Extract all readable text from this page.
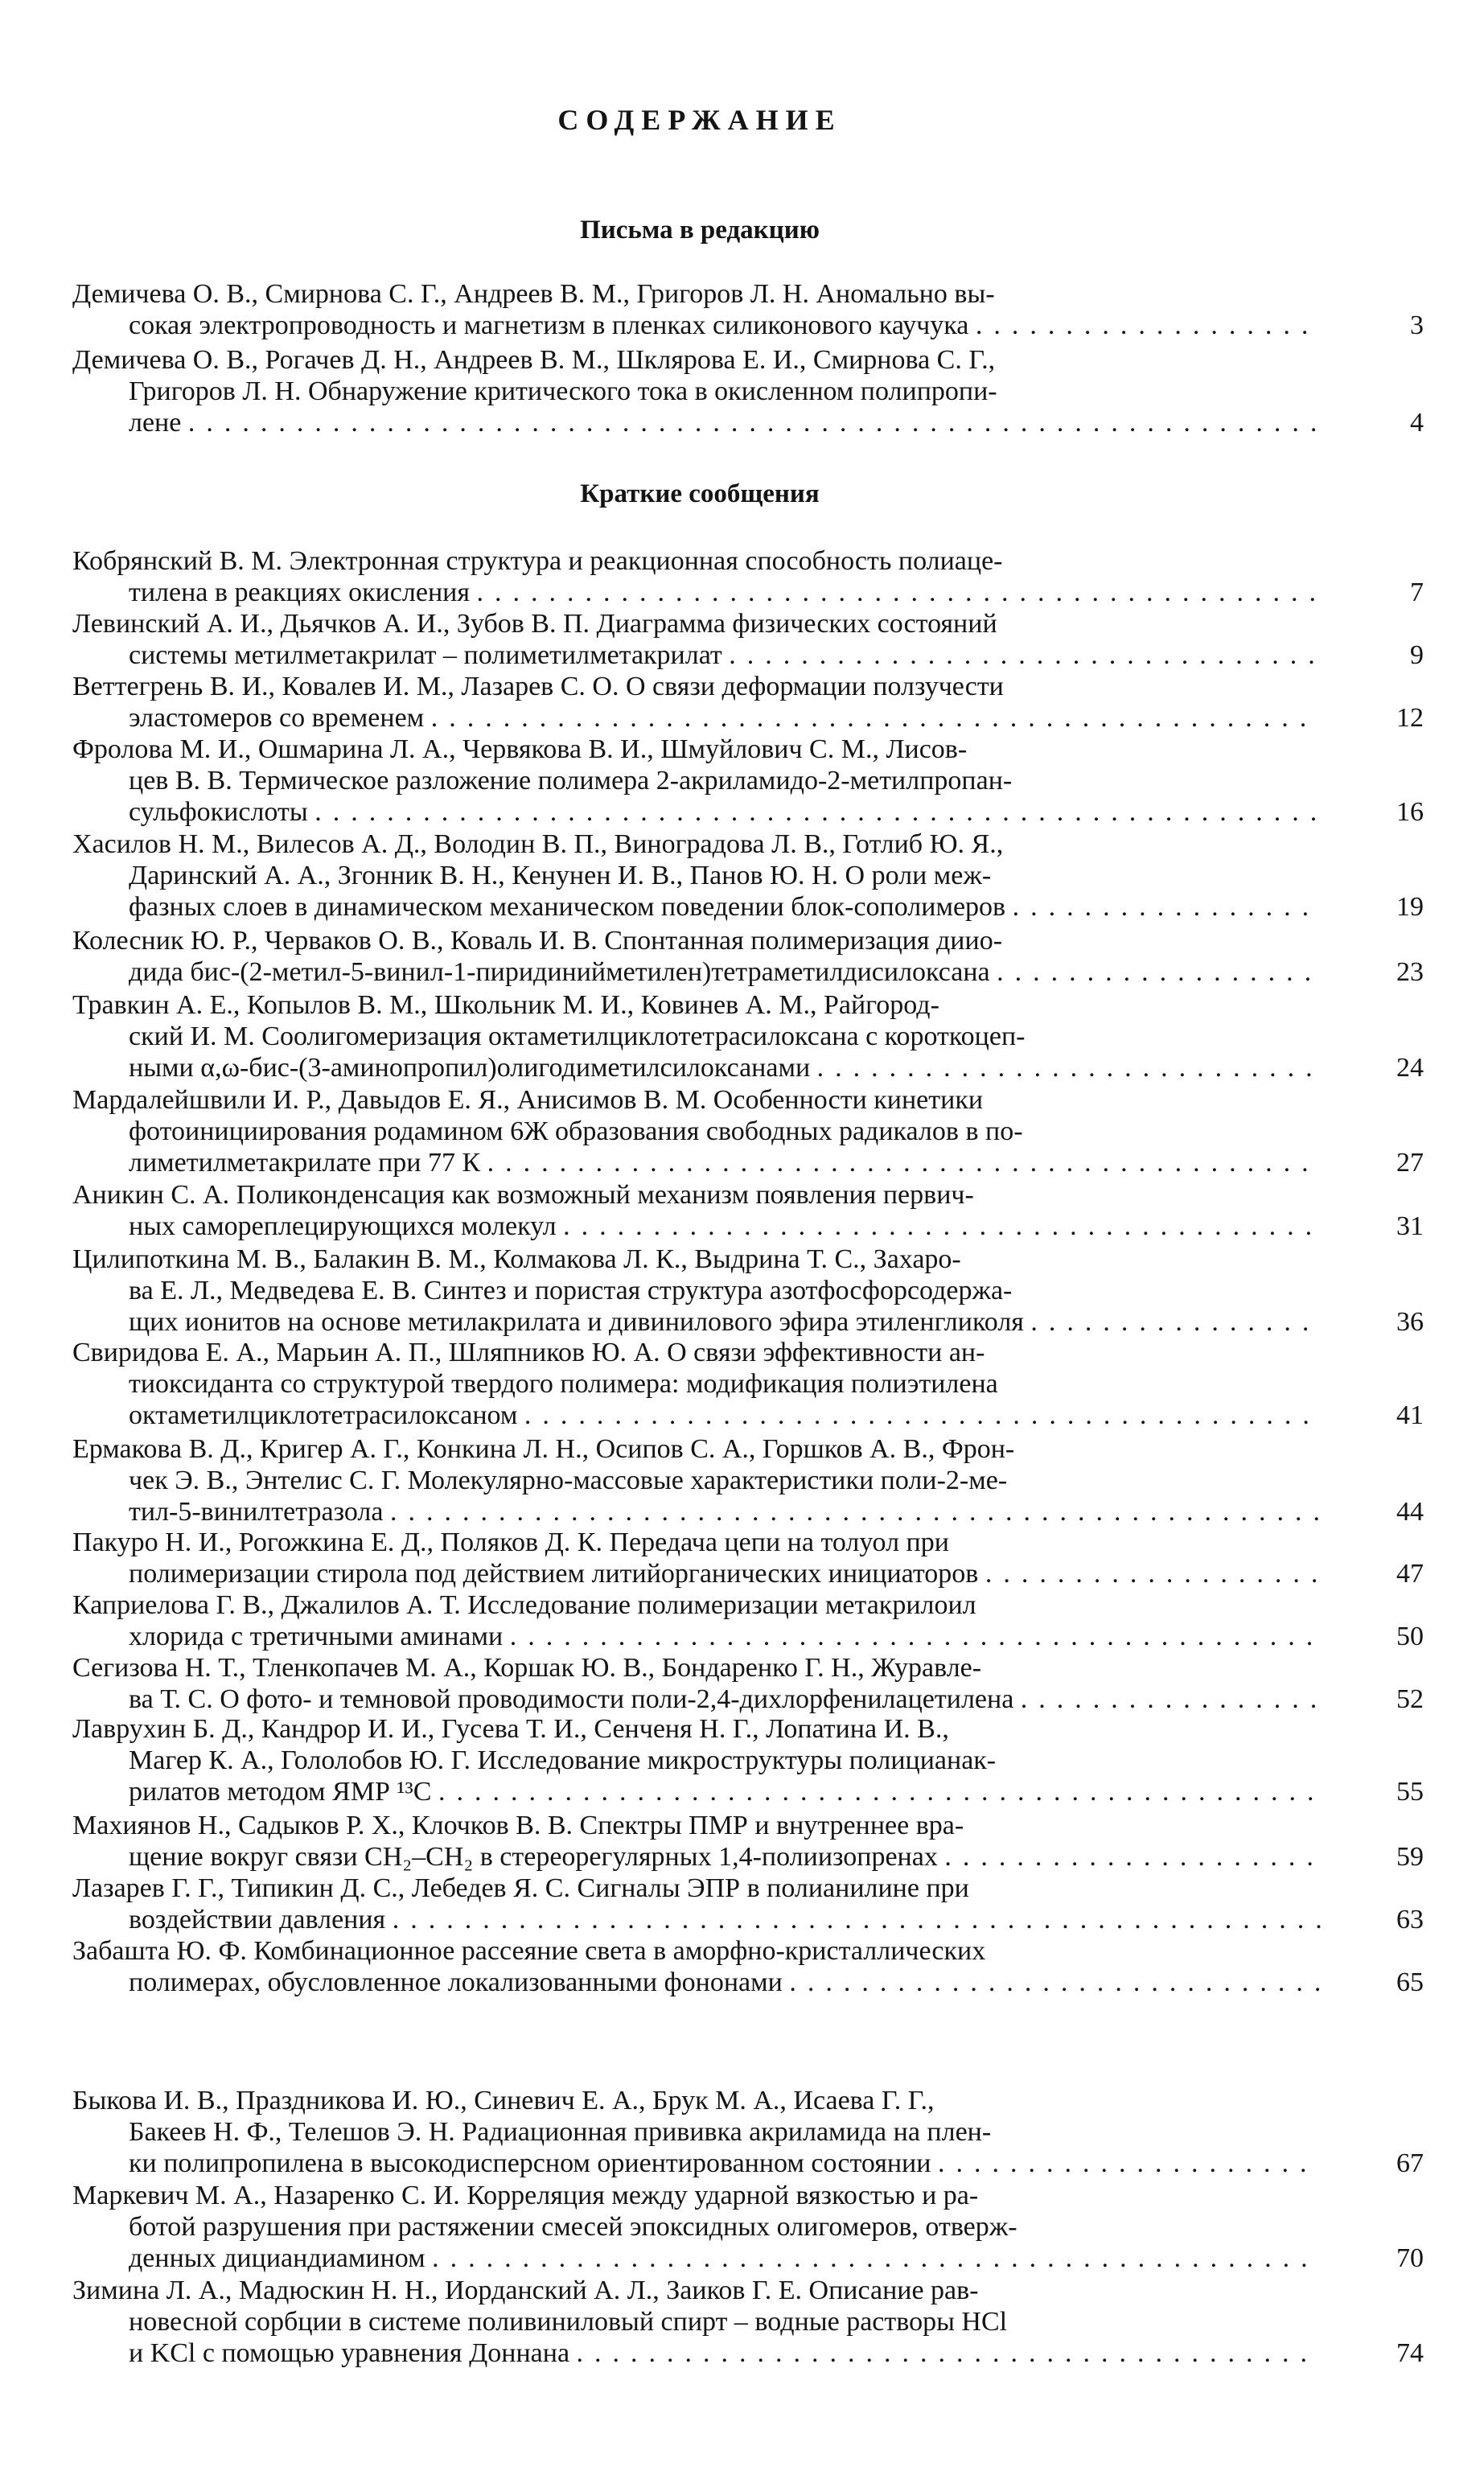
СОДЕРЖАНИЕ
Письма в редакцию
Демичева О. В., Смирнова С. Г., Андреев В. М., Григоров Л. Н. Аномально вы-
сокая электропроводность и магнетизм в пленках силиконового каучука ...................	3
Демичева О. В., Рогачев Д. Н., Андреев В. М., Шклярова Е. И., Смирнова С. Г.,
Григоров Л. Н. Обнаружение критического тока в окисленном полипропи-
лене ...............................................................	4
Краткие сообщения
Кобрянский В. М. Электронная структура и реакционная способность полиаце-
тилена в реакциях окисления ...............................................	7
Левинский А. И., Дьячков А. И., Зубов В. П. Диаграмма физических состояний
системы метилметакрилат – полиметилметакрилат .................................	9
Веттегрень В. И., Ковалев И. М., Лазарев С. О. О связи деформации ползучести
эластомеров со временем .................................................	12
Фролова М. И., Ошмарина Л. А., Червякова В. И., Шмуйлович С. М., Лисов-
цев В. В. Термическое разложение полимера 2-акриламидо-2-метилпропан-
сульфокислоты ........................................................	16
Хасилов Н. М., Вилесов А. Д., Володин В. П., Виноградова Л. В., Готлиб Ю. Я.,
Даринский А. А., Згонник В. Н., Кенунен И. В., Панов Ю. Н. О роли меж-
фазных слоев в динамическом механическом поведении блок-сополимеров .................	19
Колесник Ю. Р., Черваков О. В., Коваль И. В. Спонтанная полимеризация диио-
дида бис-(2-метил-5-винил-1-пиридинийметилен)тетраметилдисилоксана ..................	23
Травкин А. Е., Копылов В. М., Школьник М. И., Ковинев А. М., Райгород-
ский И. М. Соолигомеризация октаметилциклотетрасилоксана с короткоцеп-
ными α,ω-бис-(3-аминопропил)олигодиметилсилоксанами ............................	24
Мардалейшвили И. Р., Давыдов Е. Я., Анисимов В. М. Особенности кинетики
фотоинициирования родамином 6Ж образования свободных радикалов в по-
лиметилметакрилате при 77 К ..............................................	27
Аникин С. А. Поликонденсация как возможный механизм появления первич-
ных самореплецирующихся молекул ..........................................	31
Цилипоткина М. В., Балакин В. М., Колмакова Л. К., Выдрина Т. С., Захаро-
ва Е. Л., Медведева Е. В. Синтез и пористая структура азотфосфорсодержа-
щих ионитов на основе метилакрилата и дивинилового эфира этиленгликоля ................	36
Свиридова Е. А., Марьин А. П., Шляпников Ю. А. О связи эффективности ан-
тиоксиданта со структурой твердого полимера: модификация полиэтилена
октаметилциклотетрасилоксаном ............................................	41
Ермакова В. Д., Кригер А. Г., Конкина Л. Н., Осипов С. А., Горшков А. В., Фрон-
чек Э. В., Энтелис С. Г. Молекулярно-массовые характеристики поли-2-ме-
тил-5-винилтетразола ....................................................	44
Пакуро Н. И., Рогожкина Е. Д., Поляков Д. К. Передача цепи на толуол при
полимеризации стирола под действием литийорганических инициаторов ...................	47
Каприелова Г. В., Джалилов А. Т. Исследование полимеризации метакрилоил
хлорида с третичными аминами .............................................	50
Сегизова Н. Т., Тленкопачев М. А., Коршак Ю. В., Бондаренко Г. Н., Журавле-
ва Т. С. О фото- и темновой проводимости поли-2,4-дихлорфенилацетилена .................	52
Лаврухин Б. Д., Кандрор И. И., Гусева Т. И., Сенченя Н. Г., Лопатина И. В.,
Магер К. А., Гололобов Ю. Г. Исследование микроструктуры полицианак-
рилатов методом ЯМР ¹³С .................................................	55
Махиянов Н., Садыков Р. Х., Клочков В. В. Спектры ПМР и внутреннее вра-
щение вокруг связи СН₂–СН₂ в стереорегулярных 1,4-полиизопренах .....................	59
Лазарев Г. Г., Типикин Д. С., Лебедев Я. С. Сигналы ЭПР в полианилине при
воздействии давления ....................................................	63
Забашта Ю. Ф. Комбинационное рассеяние света в аморфно-кристаллических
полимерах, обусловленное локализованными фононами ..............................	65
Быкова И. В., Праздникова И. Ю., Синевич Е. А., Брук М. А., Исаева Г. Г.,
Бакеев Н. Ф., Телешов Э. Н. Радиационная прививка акриламида на плен-
ки полипропилена в высокодисперсном ориентированном состоянии .....................	67
Маркевич М. А., Назаренко С. И. Корреляция между ударной вязкостью и ра-
ботой разрушения при растяжении смесей эпоксидных олигомеров, отверж-
денных дициандиамином .................................................	70
Зимина Л. А., Мадюскин Н. Н., Иорданский А. Л., Заиков Г. Е. Описание рав-
новесной сорбции в системе поливиниловый спирт – водные растворы HCl
и KCl с помощью уравнения Доннана .........................................	74
